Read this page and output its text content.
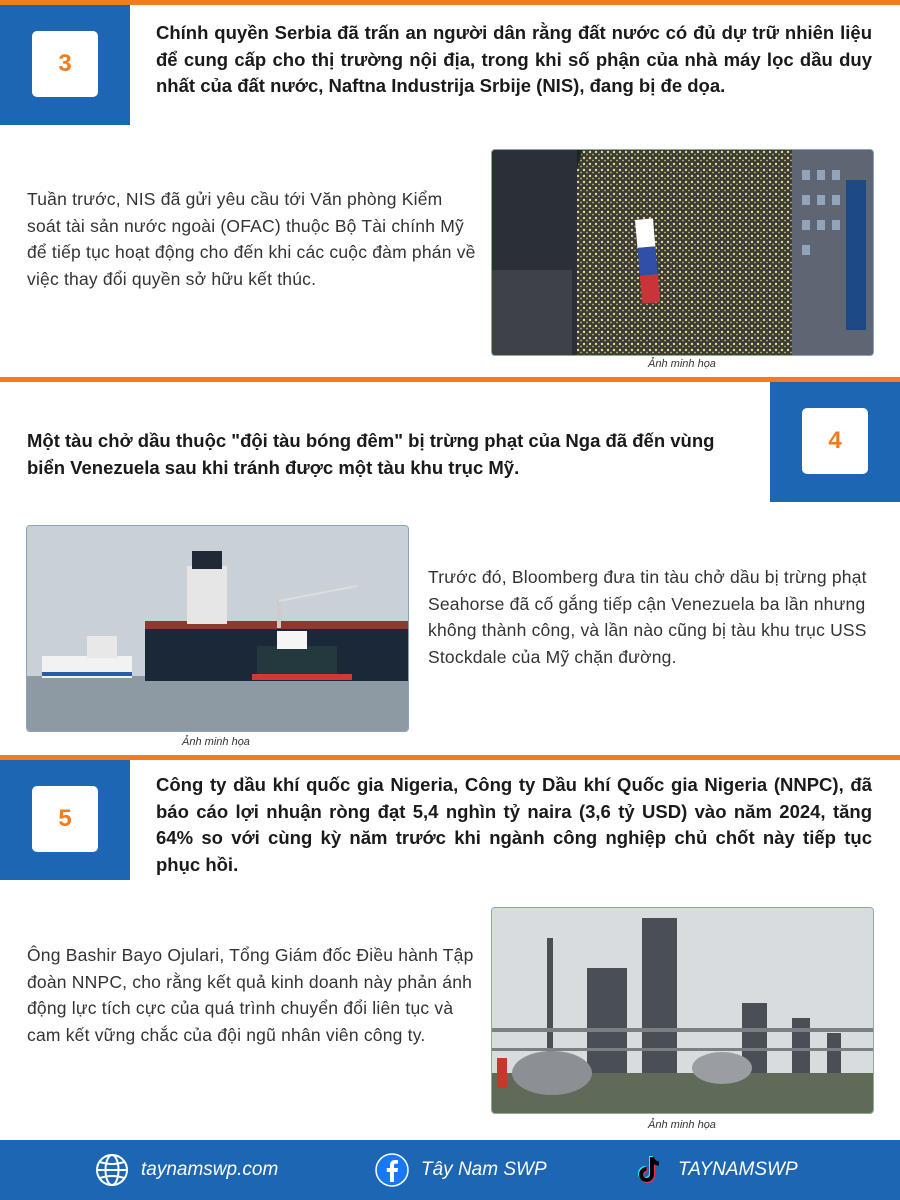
3
Chính quyền Serbia đã trấn an người dân rằng đất nước có đủ dự trữ nhiên liệu để cung cấp cho thị trường nội địa, trong khi số phận của nhà máy lọc dầu duy nhất của đất nước, Naftna Industrija Srbije (NIS), đang bị đe dọa.
Tuần trước, NIS đã gửi yêu cầu tới Văn phòng Kiểm soát tài sản nước ngoài (OFAC) thuộc Bộ Tài chính Mỹ để tiếp tục hoạt động cho đến khi các cuộc đàm phán về việc thay đổi quyền sở hữu kết thúc.
Ảnh minh họa
4
Một tàu chở dầu thuộc "đội tàu bóng đêm" bị trừng phạt của Nga đã đến vùng biển Venezuela sau khi tránh được một tàu khu trục Mỹ.
Ảnh minh họa
Trước đó, Bloomberg đưa tin tàu chở dầu bị trừng phạt Seahorse đã cố gắng tiếp cận Venezuela ba lần nhưng không thành công, và lần nào cũng bị tàu khu trục USS Stockdale của Mỹ chặn đường.
5
Công ty dầu khí quốc gia Nigeria, Công ty Dầu khí Quốc gia Nigeria (NNPC), đã báo cáo lợi nhuận ròng đạt 5,4 nghìn tỷ naira (3,6 tỷ USD) vào năm 2024, tăng 64% so với cùng kỳ năm trước khi ngành công nghiệp chủ chốt này tiếp tục phục hồi.
Ông Bashir Bayo Ojulari, Tổng Giám đốc Điều hành Tập đoàn NNPC, cho rằng kết quả kinh doanh này phản ánh động lực tích cực của quá trình chuyển đổi liên tục và cam kết vững chắc của đội ngũ nhân viên công ty.
Ảnh minh họa
taynamswp.com	Tây Nam SWP	TAYNAMSWP
